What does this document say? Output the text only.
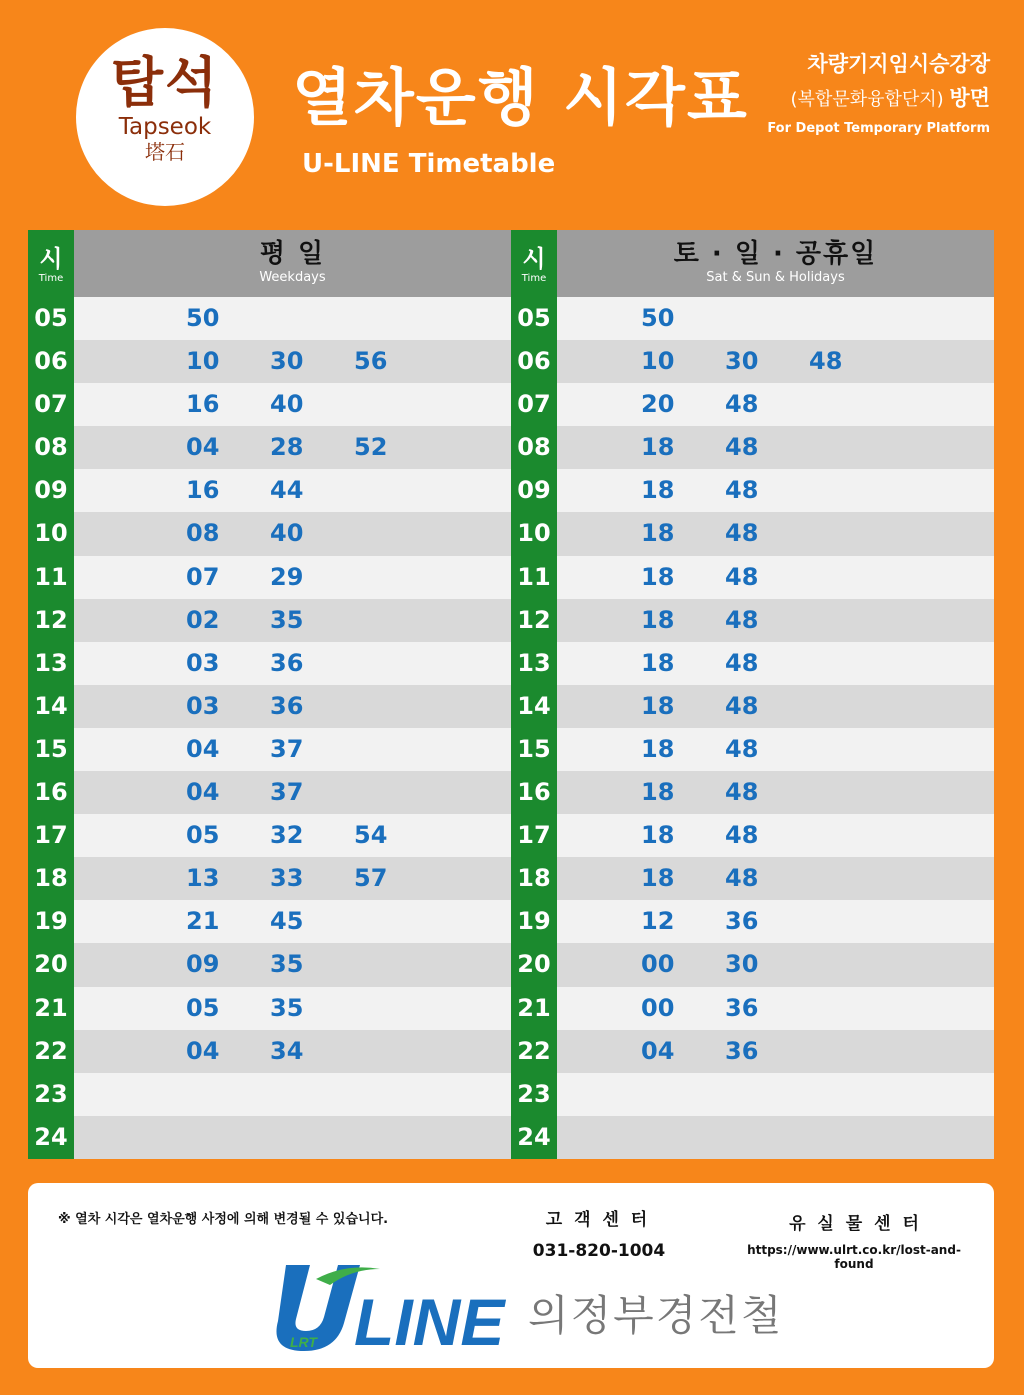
탑석
Tapseok
塔石
열차운행 시각표
U-LINE Timetable
차량기지임시승강장
(복합문화융합단지) 방면
For Depot Temporary Platform
시
Time
평 일
Weekdays
05	50
06	10	30	56
07	16	40
08	04	28	52
09	16	44
10	08	40
11	07	29
12	02	35
13	03	36
14	03	36
15	04	37
16	04	37
17	05	32	54
18	13	33	57
19	21	45
20	09	35
21	05	35
22	04	34
23
24
시
Time
토 · 일 · 공휴일
Sat & Sun & Holidays
05	50
06	10	30	48
07	20	48
08	18	48
09	18	48
10	18	48
11	18	48
12	18	48
13	18	48
14	18	48
15	18	48
16	18	48
17	18	48
18	18	48
19	12	36
20	00	30
21	00	36
22	04	36
23
24
※ 열차 시각은 열차운행 사정에 의해 변경될 수 있습니다.	고 객 센 터
031-820-1004
유 실 물 센 터
https://www.ulrt.co.kr/lost-and-found
LRT LINE 의정부경전철
